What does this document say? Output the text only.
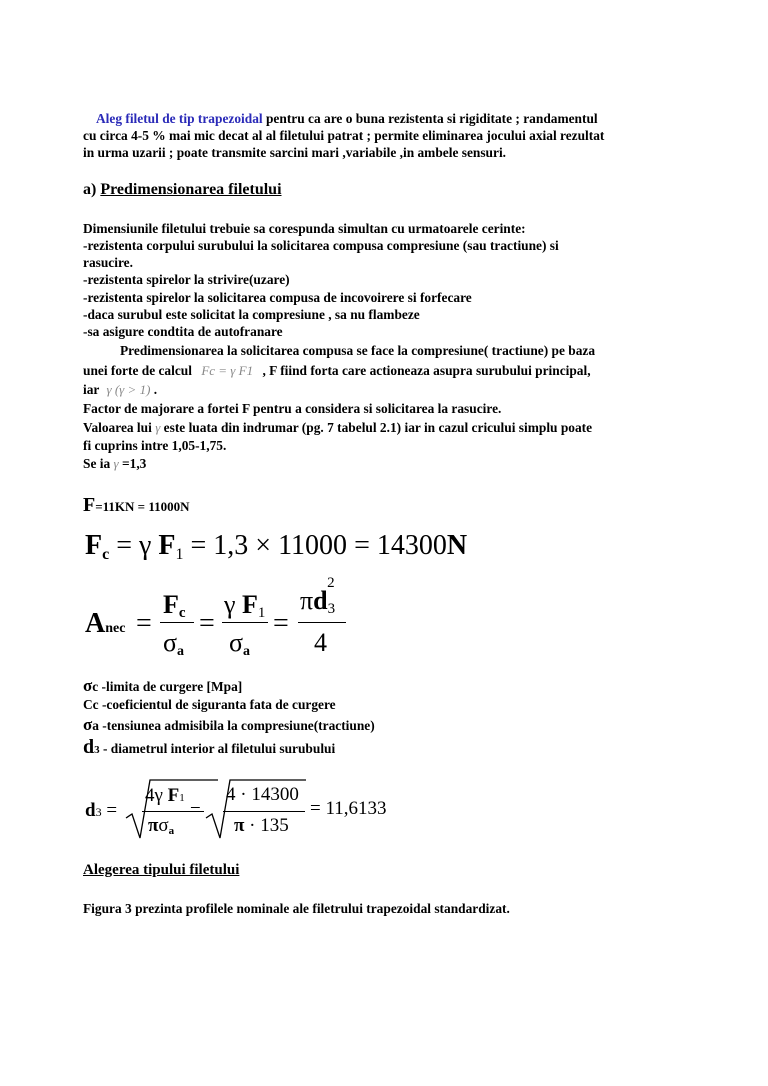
Aleg filetul de tip trapezoidal pentru ca are o buna rezistenta si rigiditate ; randamentul
cu circa 4-5 % mai mic decat al al filetului patrat ; permite eliminarea jocului axial rezultat
in urma uzarii ; poate transmite sarcini mari ,variabile ,in ambele sensuri.
a) Predimensionarea filetului
Dimensiunile filetului trebuie sa corespunda simultan cu urmatoarele cerinte:
-rezistenta corpului surubului la solicitarea compusa compresiune (sau tractiune) si
rasucire.
-rezistenta spirelor la strivire(uzare)
-rezistenta spirelor la solicitarea compusa de incovoirere si forfecare
-daca surubul este solicitat la compresiune , sa nu flambeze
-sa asigure condtita de autofranare
Predimensionarea la solicitarea compusa se face la compresiune( tractiune) pe baza
unei forte de calcul Fc = γ F1 , F fiind forta care actioneaza asupra surubului principal,
iar γ (γ > 1) .
Factor de majorare a fortei F pentru a considera si solicitarea la rasucire.
Valoarea lui γ este luata din indrumar (pg. 7 tabelul 2.1) iar in cazul cricului simplu poate
fi cuprins intre 1,05-1,75.
Se ia γ =1,3
F=11KN = 11000N
Fc = γ F1 = 1,3 × 11000 = 14300N
Anec =
Fc
σa
=
γ F1
σa
=
$\pi d3^2$
4
σc -limita de curgere [Mpa]
Cc -coeficientul de siguranta fata de curgere
σa -tensiunea admisibila la compresiune(tractiune)
d3 - diametrul interior al filetului surubului
d3 =
4γ F1
πσa
=
4 · 14300
π · 135
= 11,6133
Alegerea tipului filetului
Figura 3 prezinta profilele nominale ale filetrului trapezoidal standardizat.
